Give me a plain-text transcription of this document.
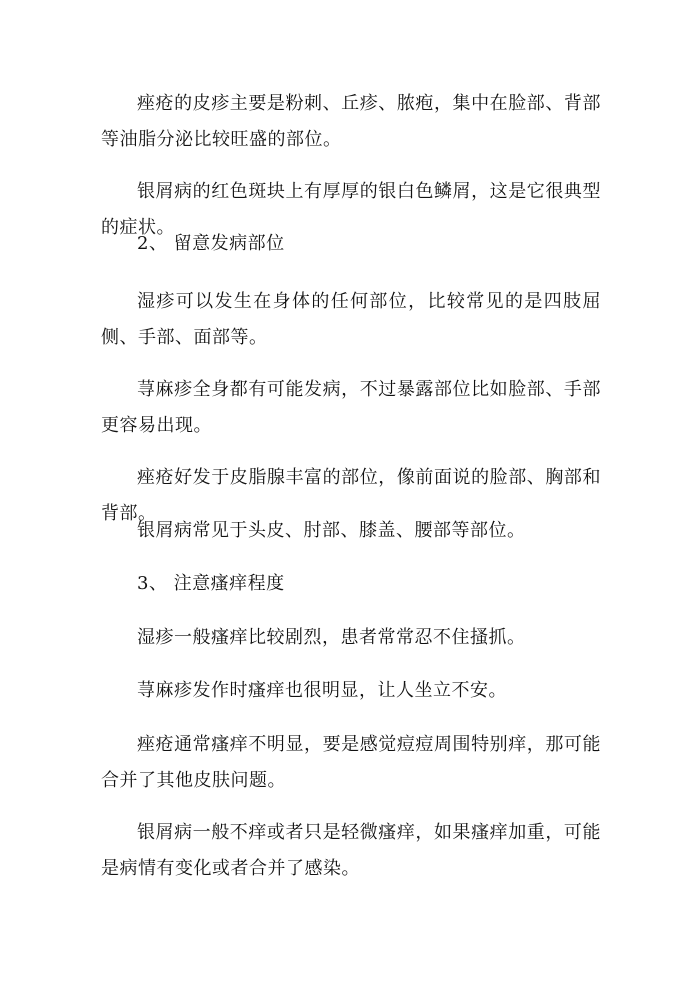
痤疮的皮疹主要是粉刺、丘疹、脓疱，集中在脸部、背部等油脂分泌比较旺盛的部位。

银屑病的红色斑块上有厚厚的银白色鳞屑，这是它很典型的症状。

2、 留意发病部位

湿疹可以发生在身体的任何部位，比较常见的是四肢屈侧、手部、面部等。

荨麻疹全身都有可能发病，不过暴露部位比如脸部、手部更容易出现。

痤疮好发于皮脂腺丰富的部位，像前面说的脸部、胸部和背部。

银屑病常见于头皮、肘部、膝盖、腰部等部位。

3、 注意瘙痒程度

湿疹一般瘙痒比较剧烈，患者常常忍不住搔抓。

荨麻疹发作时瘙痒也很明显，让人坐立不安。

痤疮通常瘙痒不明显，要是感觉痘痘周围特别痒，那可能合并了其他皮肤问题。

银屑病一般不痒或者只是轻微瘙痒，如果瘙痒加重，可能是病情有变化或者合并了感染。
